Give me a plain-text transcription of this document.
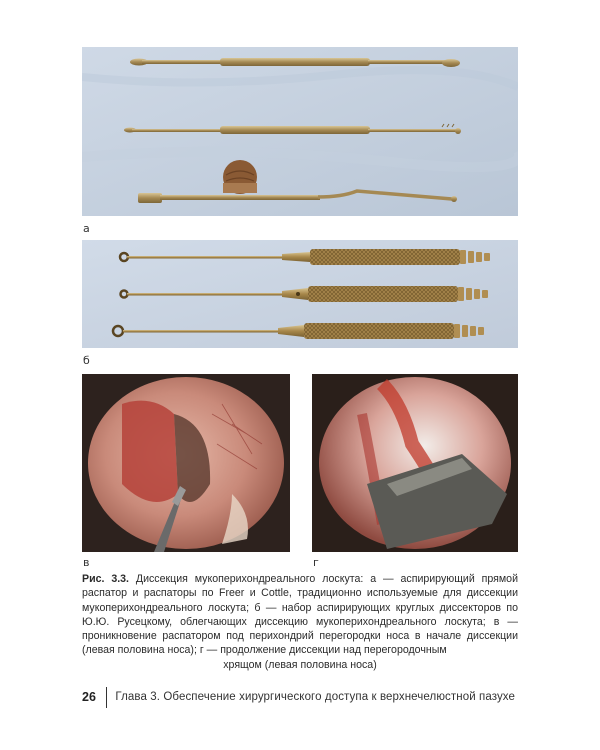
а
б
в	г
Рис. 3.3. Диссекция мукоперихондреального лоскута: а — аспирирующий прямой распатор и распаторы по Freer и Cottle, традиционно используемые для диссекции мукоперихондреального лоскута; б — набор аспирирующих круглых диссекторов по Ю.Ю. Русецкому, облегчающих диссекцию мукоперихондреального лоскута; в — проникновение распатором под перихондрий перегородки носа в начале диссекции (левая половина носа); г — продолжение диссекции над перегородочным
хрящом (левая половина носа)
26 Глава 3. Обеспечение хирургического доступа к верхнечелюстной пазухе
